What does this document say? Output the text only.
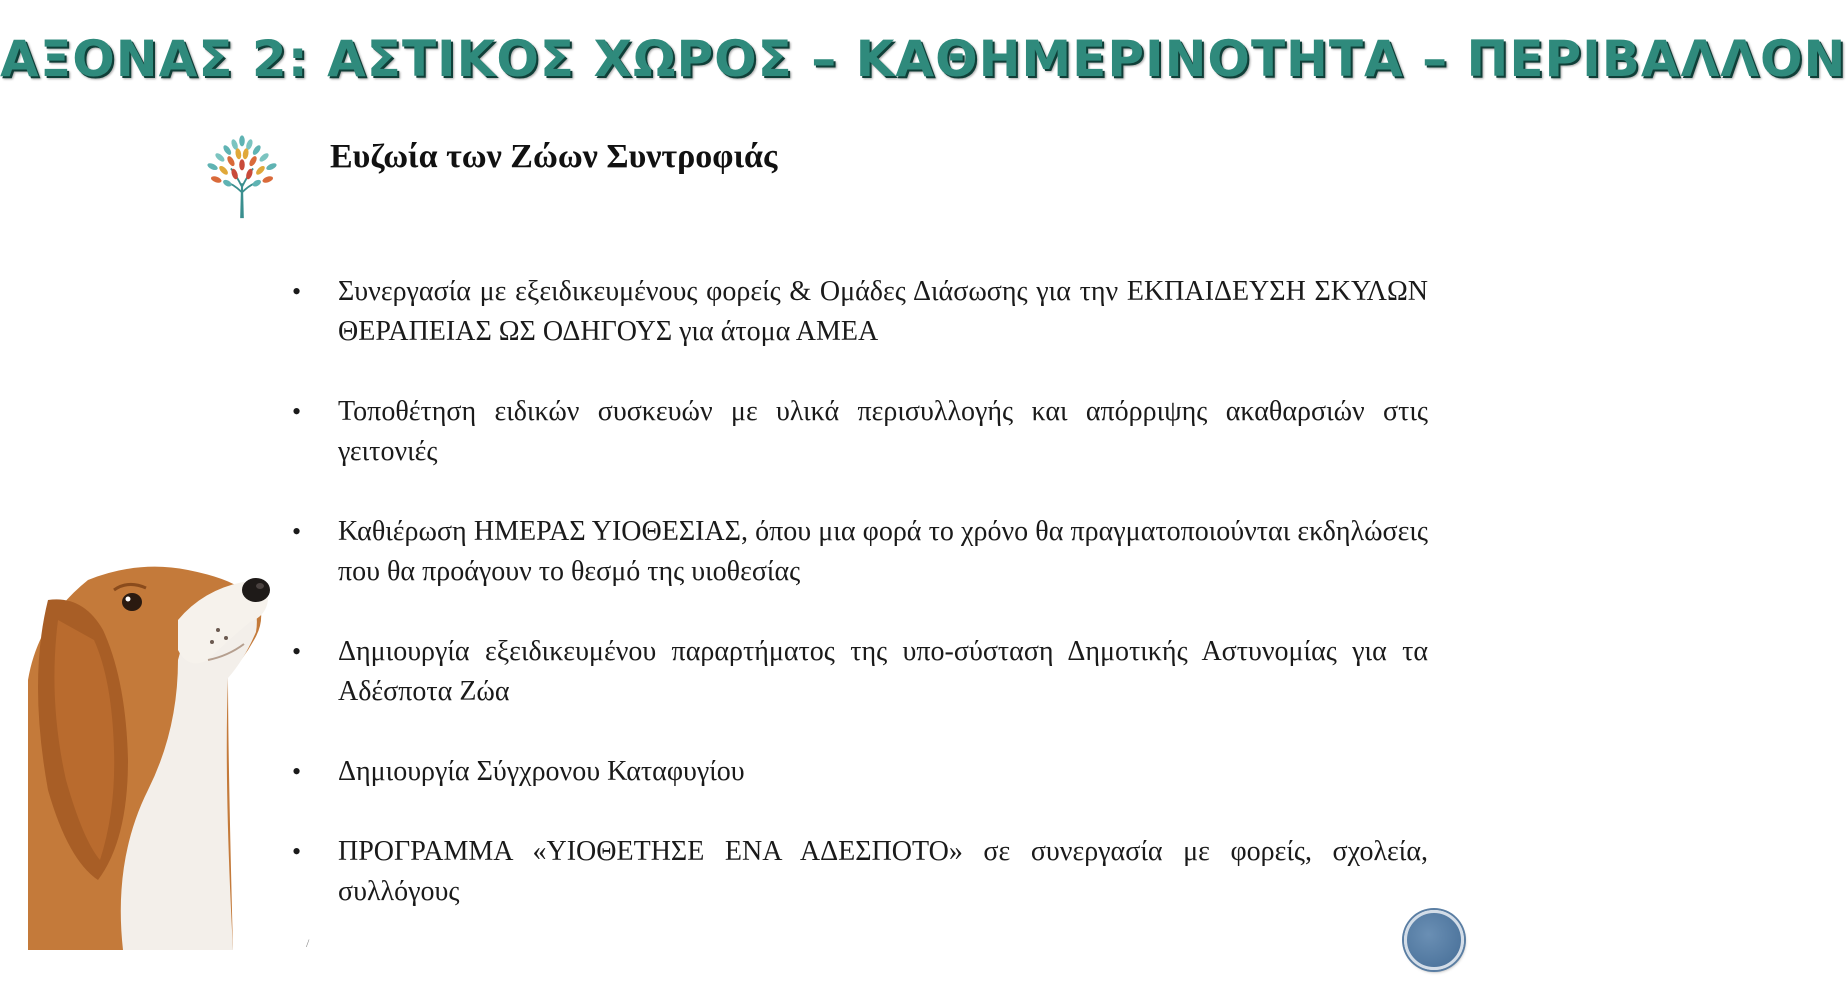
ΑΞΟΝΑΣ 2: ΑΣΤΙΚΟΣ ΧΩΡΟΣ – ΚΑΘΗΜΕΡΙΝΟΤΗΤΑ – ΠΕΡΙΒΑΛΛΟΝ
Ευζωία των Ζώων Συντροφιάς
• Συνεργασία με εξειδικευμένους φορείς & Ομάδες Διάσωσης για την ΕΚΠΑΙΔΕΥΣΗ ΣΚΥΛΩΝ ΘΕΡΑΠΕΙΑΣ ΩΣ ΟΔΗΓΟΥΣ για άτομα ΑΜΕΑ
• Τοποθέτηση ειδικών συσκευών με υλικά περισυλλογής και απόρριψης ακαθαρσιών στις γειτονιές
• Καθιέρωση ΗΜΕΡΑΣ ΥΙΟΘΕΣΙΑΣ, όπου μια φορά το χρόνο θα πραγματοποιούνται εκδηλώσεις που θα προάγουν το θεσμό της υιοθεσίας
• Δημιουργία εξειδικευμένου παραρτήματος της υπο-σύσταση Δημοτικής Αστυνομίας για τα Αδέσποτα Ζώα
• Δημιουργία Σύγχρονου Καταφυγίου
• ΠΡΟΓΡΑΜΜΑ «ΥΙΟΘΕΤΗΣΕ ΕΝΑ ΑΔΕΣΠΟΤΟ» σε συνεργασία με φορείς, σχολεία, συλλόγους
/
